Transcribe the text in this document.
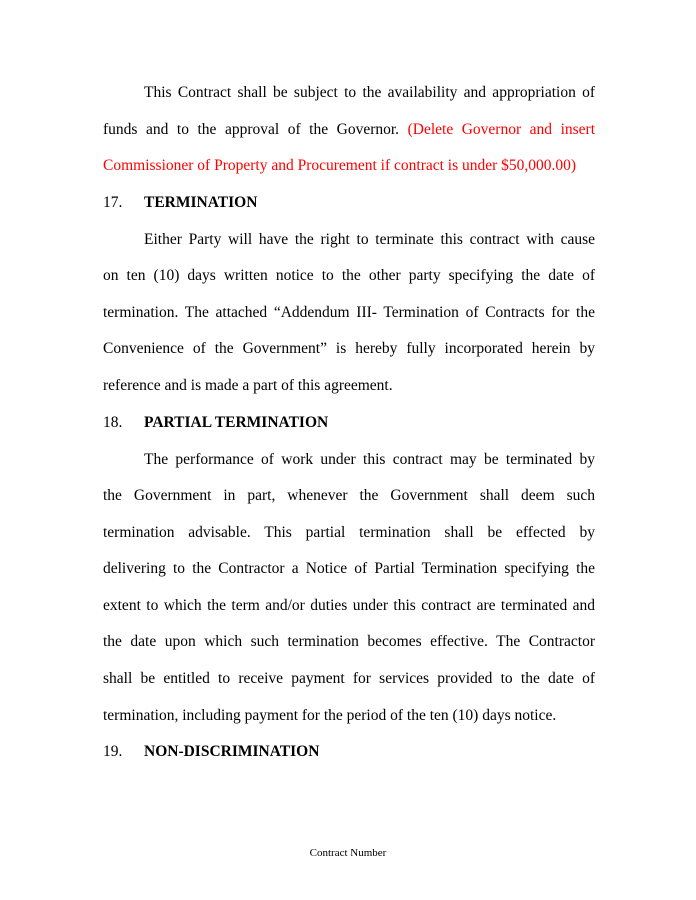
This Contract shall be subject to the availability and appropriation of
funds and to the approval of the Governor. (Delete Governor and insert
Commissioner of Property and Procurement if contract is under $50,000.00)
17. TERMINATION
Either Party will have the right to terminate this contract with cause
on ten (10) days written notice to the other party specifying the date of
termination. The attached “Addendum III- Termination of Contracts for the
Convenience of the Government” is hereby fully incorporated herein by
reference and is made a part of this agreement.
18. PARTIAL TERMINATION
The performance of work under this contract may be terminated by
the Government in part, whenever the Government shall deem such
termination advisable. This partial termination shall be effected by
delivering to the Contractor a Notice of Partial Termination specifying the
extent to which the term and/or duties under this contract are terminated and
the date upon which such termination becomes effective. The Contractor
shall be entitled to receive payment for services provided to the date of
termination, including payment for the period of the ten (10) days notice.
19. NON-DISCRIMINATION
Contract Number
